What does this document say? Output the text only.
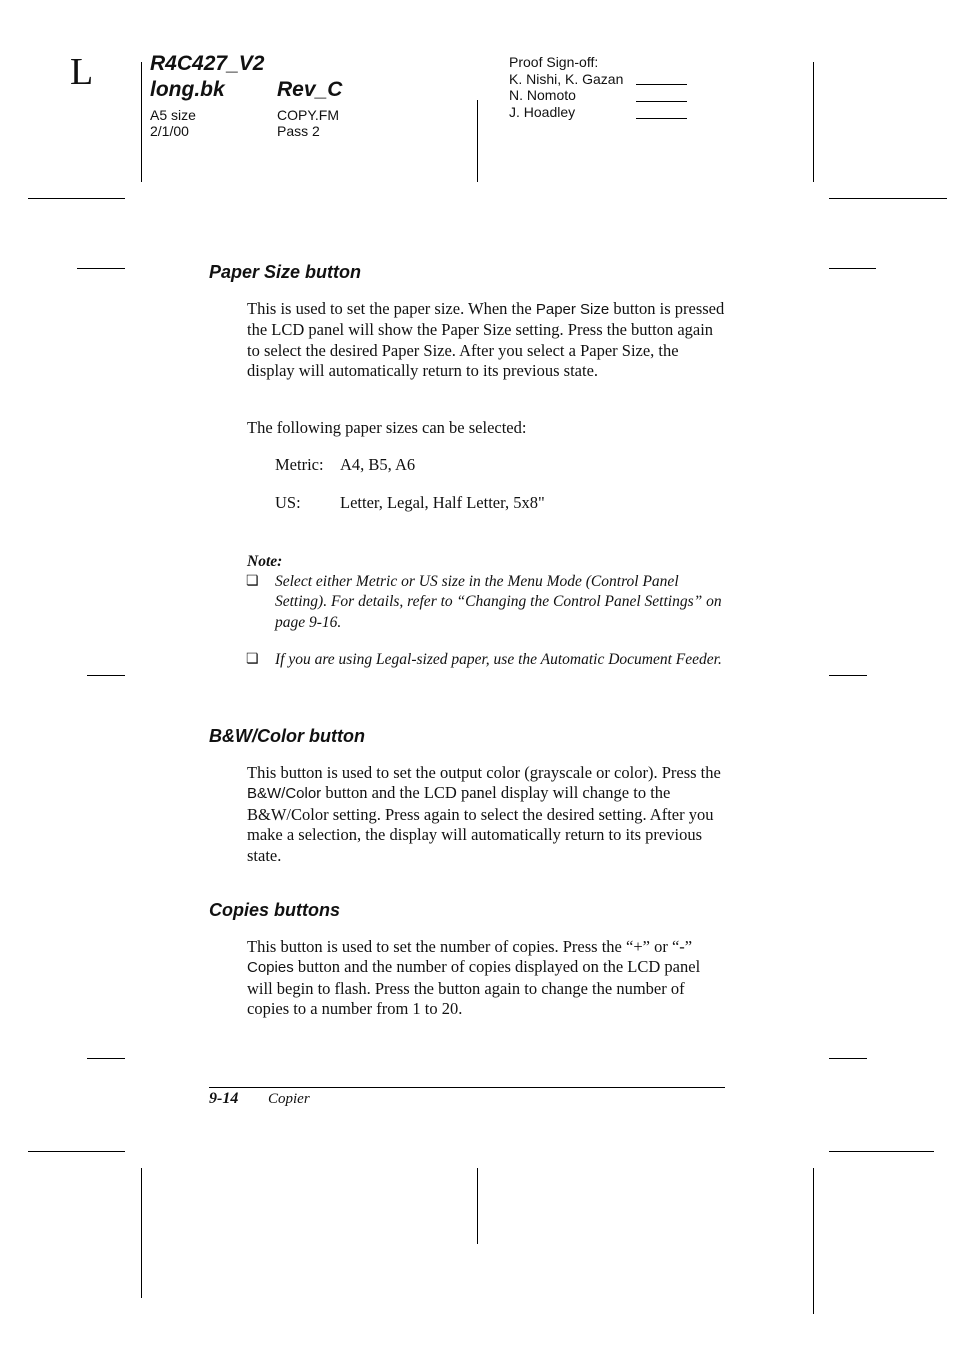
L	R4C427_V2
long.bk Rev_C
A5 size
2/1/00
COPY.FM
Pass 2
Proof Sign-off:
K. Nishi, K. Gazan
N. Nomoto
J. Hoadley
Paper Size button
This is used to set the paper size. When the Paper Size button is pressed the LCD panel will show the Paper Size setting. Press the button again to select the desired Paper Size. After you select a Paper Size, the display will automatically return to its previous state.
The following paper sizes can be selected:
Metric: A4, B5, A6
US: Letter, Legal, Half Letter, 5x8"
Note:
❏ Select either Metric or US size in the Menu Mode (Control Panel Setting). For details, refer to “Changing the Control Panel Settings” on page 9-16.
❏ If you are using Legal-sized paper, use the Automatic Document Feeder.
B&W/Color button
This button is used to set the output color (grayscale or color). Press the B&W/Color button and the LCD panel display will change to the B&W/Color setting. Press again to select the desired setting. After you make a selection, the display will automatically return to its previous state.
Copies buttons
This button is used to set the number of copies. Press the “+” or “-” Copies button and the number of copies displayed on the LCD panel will begin to flash. Press the button again to change the number of copies to a number from 1 to 20.
9-14 Copier
